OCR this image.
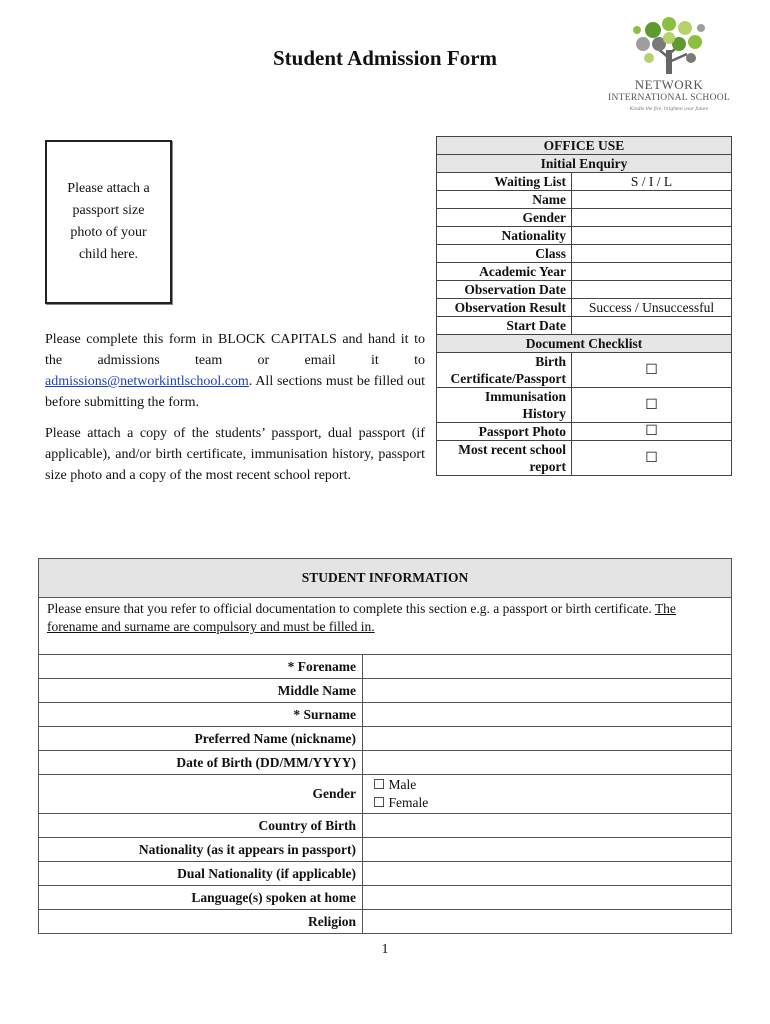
Student Admission Form
NETWORK
INTERNATIONAL SCHOOL
Kindle the fire, brighten your future
Please attach a passport size photo of your child here.
Please complete this form in BLOCK CAPITALS and hand it to the admissions team or email it to admissions@networkintlschool.com. All sections must be filled out before submitting the form.
Please attach a copy of the students’ passport, dual passport (if applicable), and/or birth certificate, immunisation history, passport size photo and a copy of the most recent school report.
OFFICE USE	
Initial Enquiry	
Waiting List	S / I / L
Name	
Gender	
Nationality	
Class	
Academic Year	
Observation Date	
Observation Result	Success / Unsuccessful
Start Date	
Document Checklist	
Birth Certificate/Passport	☐
Immunisation History	☐
Passport Photo	☐
Most recent school report	☐
STUDENT INFORMATION	
Please ensure that you refer to official documentation to complete this section e.g. a passport or birth certificate. The forename and surname are compulsory and must be filled in.	
* Forename	
Middle Name	
* Surname	
Preferred Name (nickname)	
Date of Birth (DD/MM/YYYY)	
Gender	☐ Male
☐ Female

Country of Birth	
Nationality (as it appears in passport)	
Dual Nationality (if applicable)	
Language(s) spoken at home	
Religion	
1
